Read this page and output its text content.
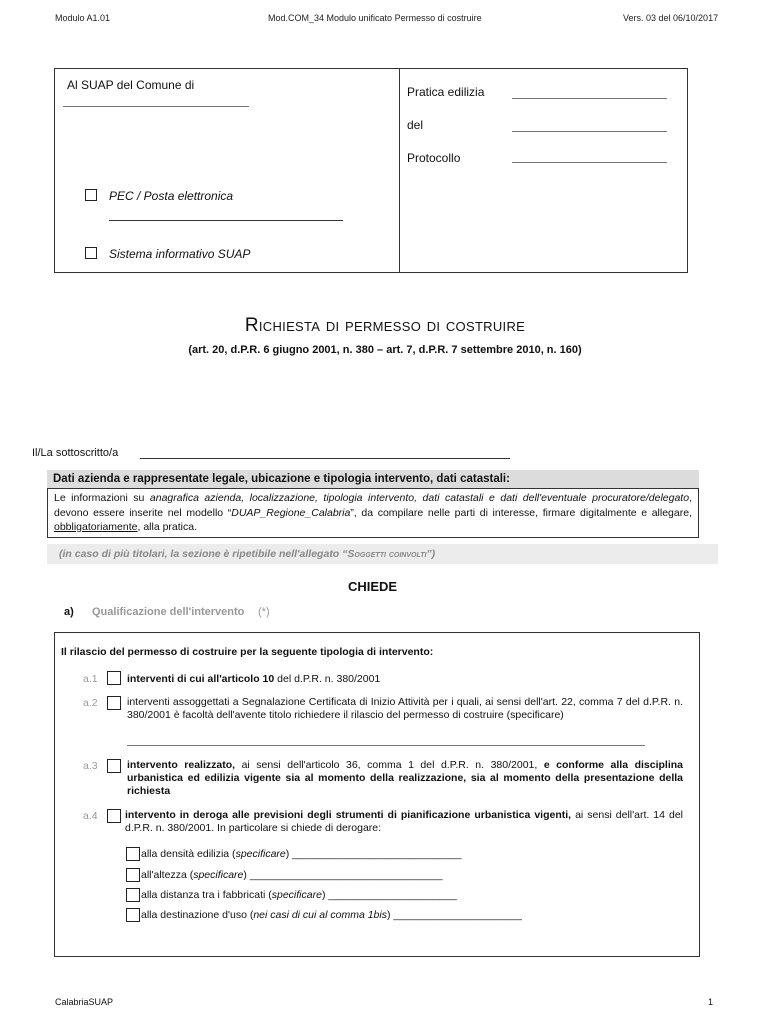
Modulo A1.01	Mod.COM_34 Modulo unificato Permesso di costruire	Vers. 03 del 06/10/2017
Al SUAP del Comune di	Pratica edilizia
del
Protocollo
PEC / Posta elettronica
Sistema informativo SUAP
Richiesta di permesso di costruire
(art. 20, d.P.R. 6 giugno 2001, n. 380 – art. 7, d.P.R. 7 settembre 2010, n. 160)
Il/La sottoscritto/a
Dati azienda e rappresentate legale, ubicazione e tipologia intervento, dati catastali:
Le informazioni su anagrafica azienda, localizzazione, tipologia intervento, dati catastali e dati dell'eventuale procuratore/delegato, devono essere inserite nel modello “DUAP_Regione_Calabria”, da compilare nelle parti di interesse, firmare digitalmente e allegare, obbligatoriamente, alla pratica.
(in caso di più titolari, la sezione è ripetibile nell'allegato “Soggetti coinvolti”)
CHIEDE
a) Qualificazione dell'intervento (*)
Il rilascio del permesso di costruire per la seguente tipologia di intervento:
a.1	interventi di cui all'articolo 10 del d.P.R. n. 380/2001
a.2	interventi assoggettati a Segnalazione Certificata di Inizio Attività per i quali, ai sensi dell'art. 22, comma 7 del d.P.R. n. 380/2001 è facoltà dell'avente titolo richiedere il rilascio del permesso di costruire (specificare)
a.3	intervento realizzato, ai sensi dell'articolo 36, comma 1 del d.P.R. n. 380/2001, e conforme alla disciplina urbanistica ed edilizia vigente sia al momento della realizzazione, sia al momento della presentazione della richiesta
a.4	intervento in deroga alle previsioni degli strumenti di pianificazione urbanistica vigenti, ai sensi dell'art. 14 del d.P.R. n. 380/2001. In particolare si chiede di derogare:
alla densità edilizia (specificare) _____________________________
all'altezza (specificare) _________________________________
alla distanza tra i fabbricati (specificare) ______________________
alla destinazione d'uso (nei casi di cui al comma 1bis) ______________________
CalabriaSUAP	1
